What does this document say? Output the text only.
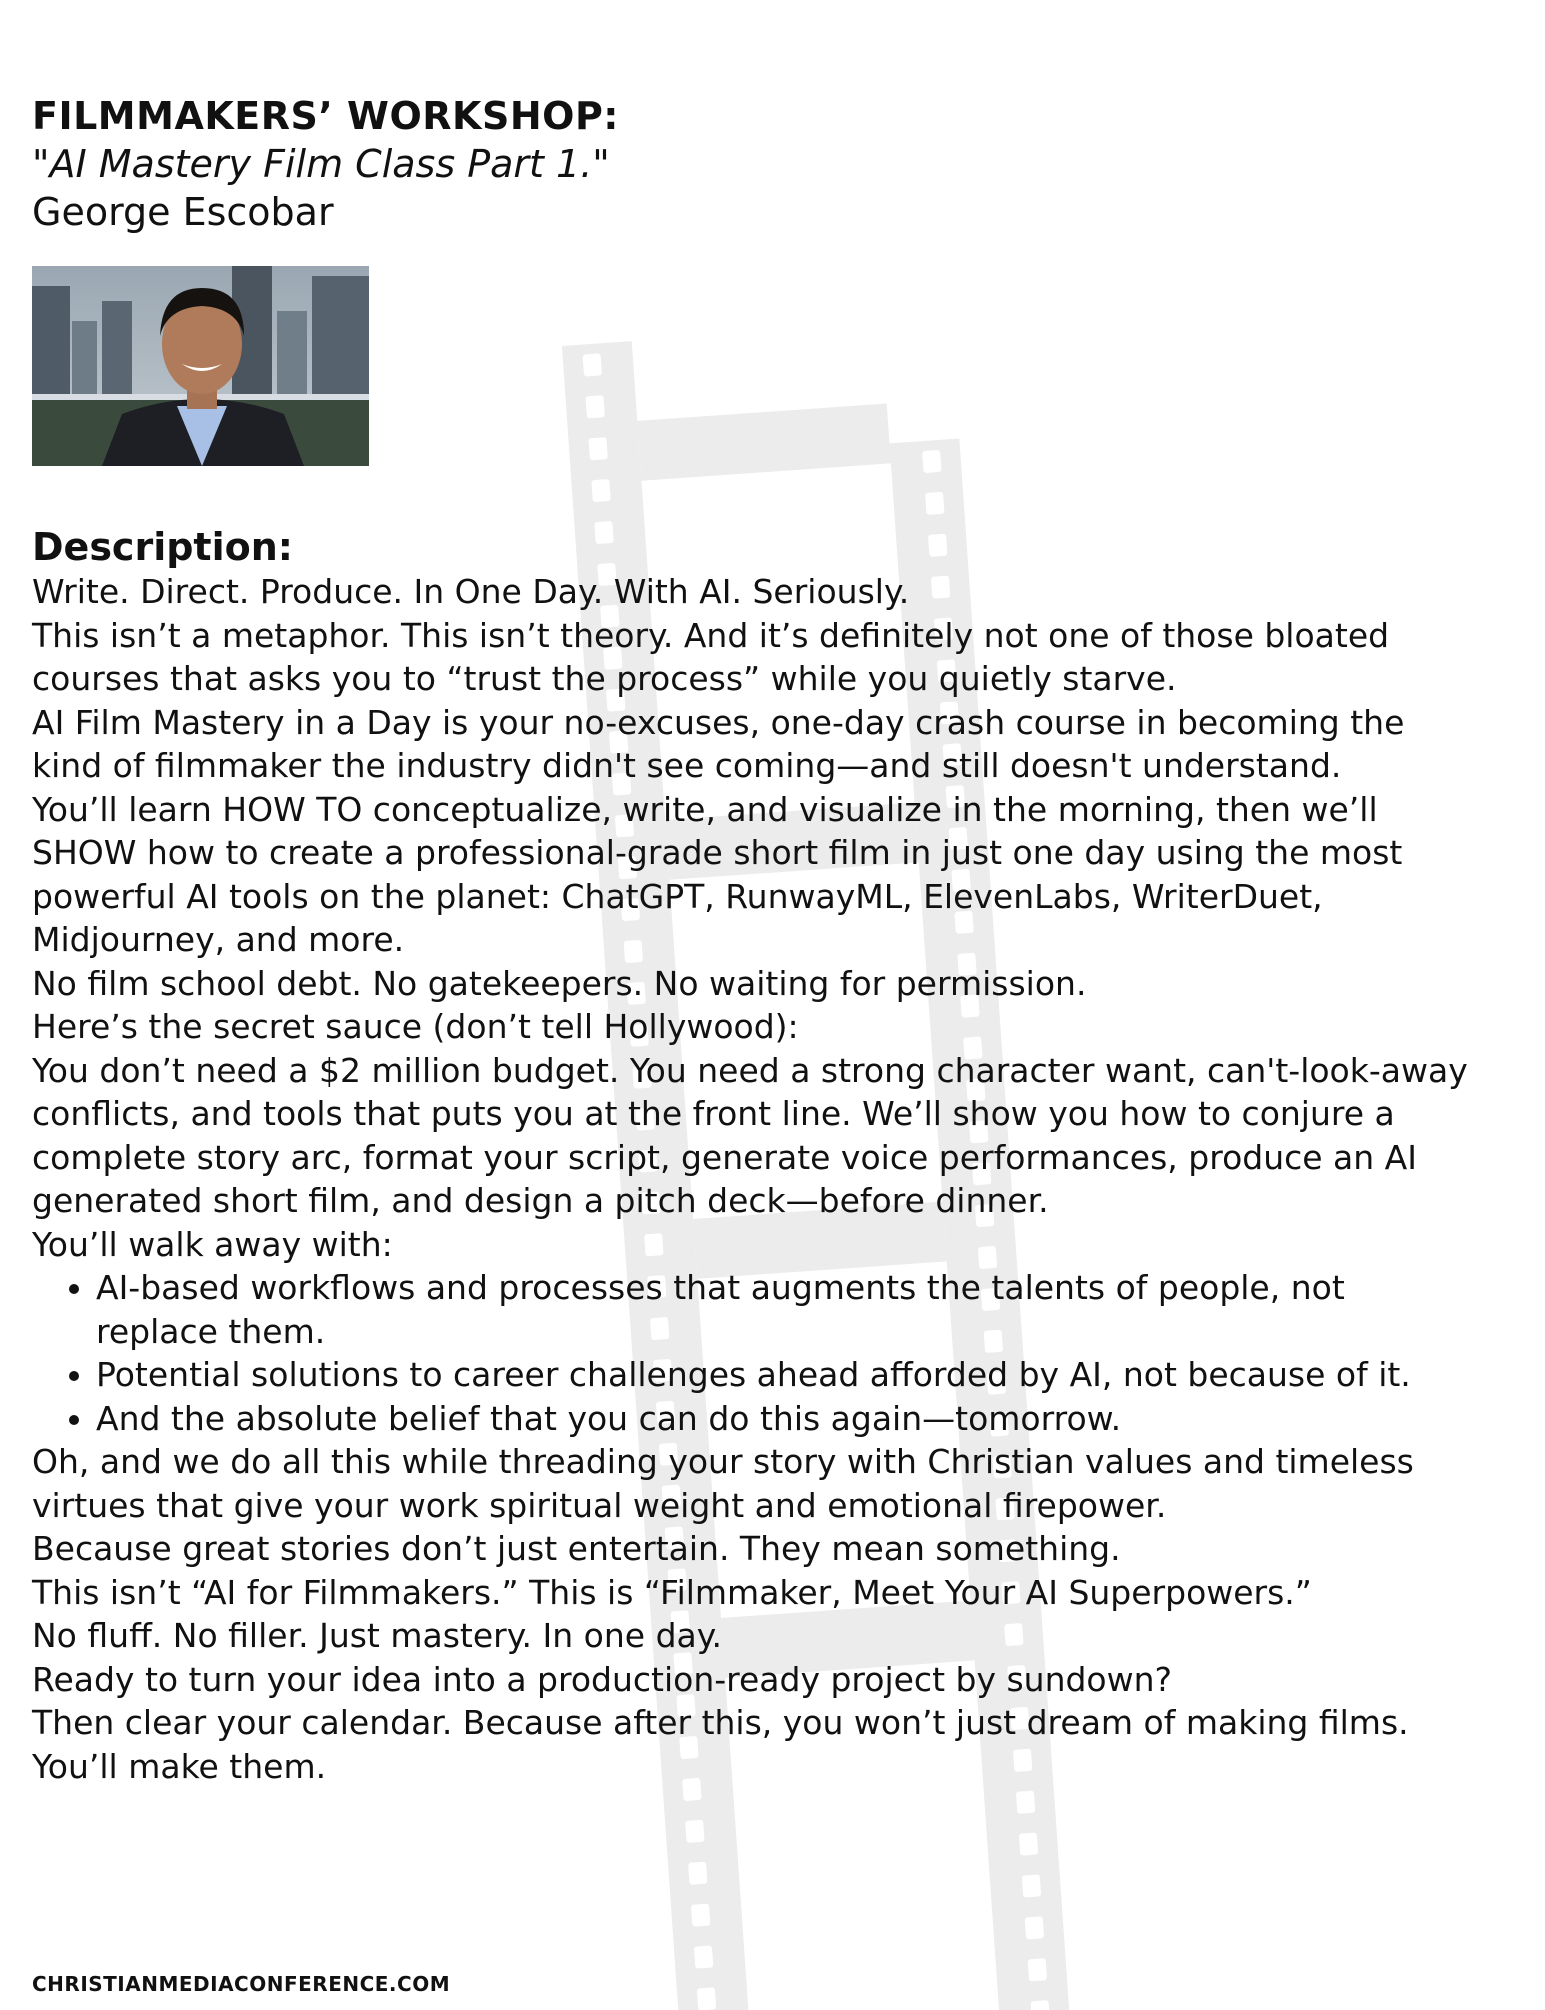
FILMMAKERS’ WORKSHOP:

"AI Mastery Film Class Part 1."

George Escobar

Description:

Write. Direct. Produce. In One Day. With AI. Seriously.

This isn’t a metaphor. This isn’t theory. And it’s definitely not one of those bloated courses that asks you to “trust the process” while you quietly starve.

AI Film Mastery in a Day is your no-excuses, one-day crash course in becoming the kind of filmmaker the industry didn't see coming—and still doesn't understand.

You’ll learn HOW TO conceptualize, write, and visualize in the morning, then we’ll SHOW how to create a professional-grade short film in just one day using the most powerful AI tools on the planet: ChatGPT, RunwayML, ElevenLabs, WriterDuet, Midjourney, and more.

No film school debt. No gatekeepers. No waiting for permission.

Here’s the secret sauce (don’t tell Hollywood):

You don’t need a $2 million budget. You need a strong character want, can't-look-away conflicts, and tools that puts you at the front line. We’ll show you how to conjure a complete story arc, format your script, generate voice performances, produce an AI generated short film, and design a pitch deck—before dinner.

You’ll walk away with:

• AI-based workflows and processes that augments the talents of people, not replace them.
• Potential solutions to career challenges ahead afforded by AI, not because of it.
• And the absolute belief that you can do this again—tomorrow.

Oh, and we do all this while threading your story with Christian values and timeless virtues that give your work spiritual weight and emotional firepower.

Because great stories don’t just entertain. They mean something.

This isn’t “AI for Filmmakers.” This is “Filmmaker, Meet Your AI Superpowers.”

No fluff. No filler. Just mastery. In one day.

Ready to turn your idea into a production-ready project by sundown?

Then clear your calendar. Because after this, you won’t just dream of making films. You’ll make them.

CHRISTIANMEDIACONFERENCE.COM
